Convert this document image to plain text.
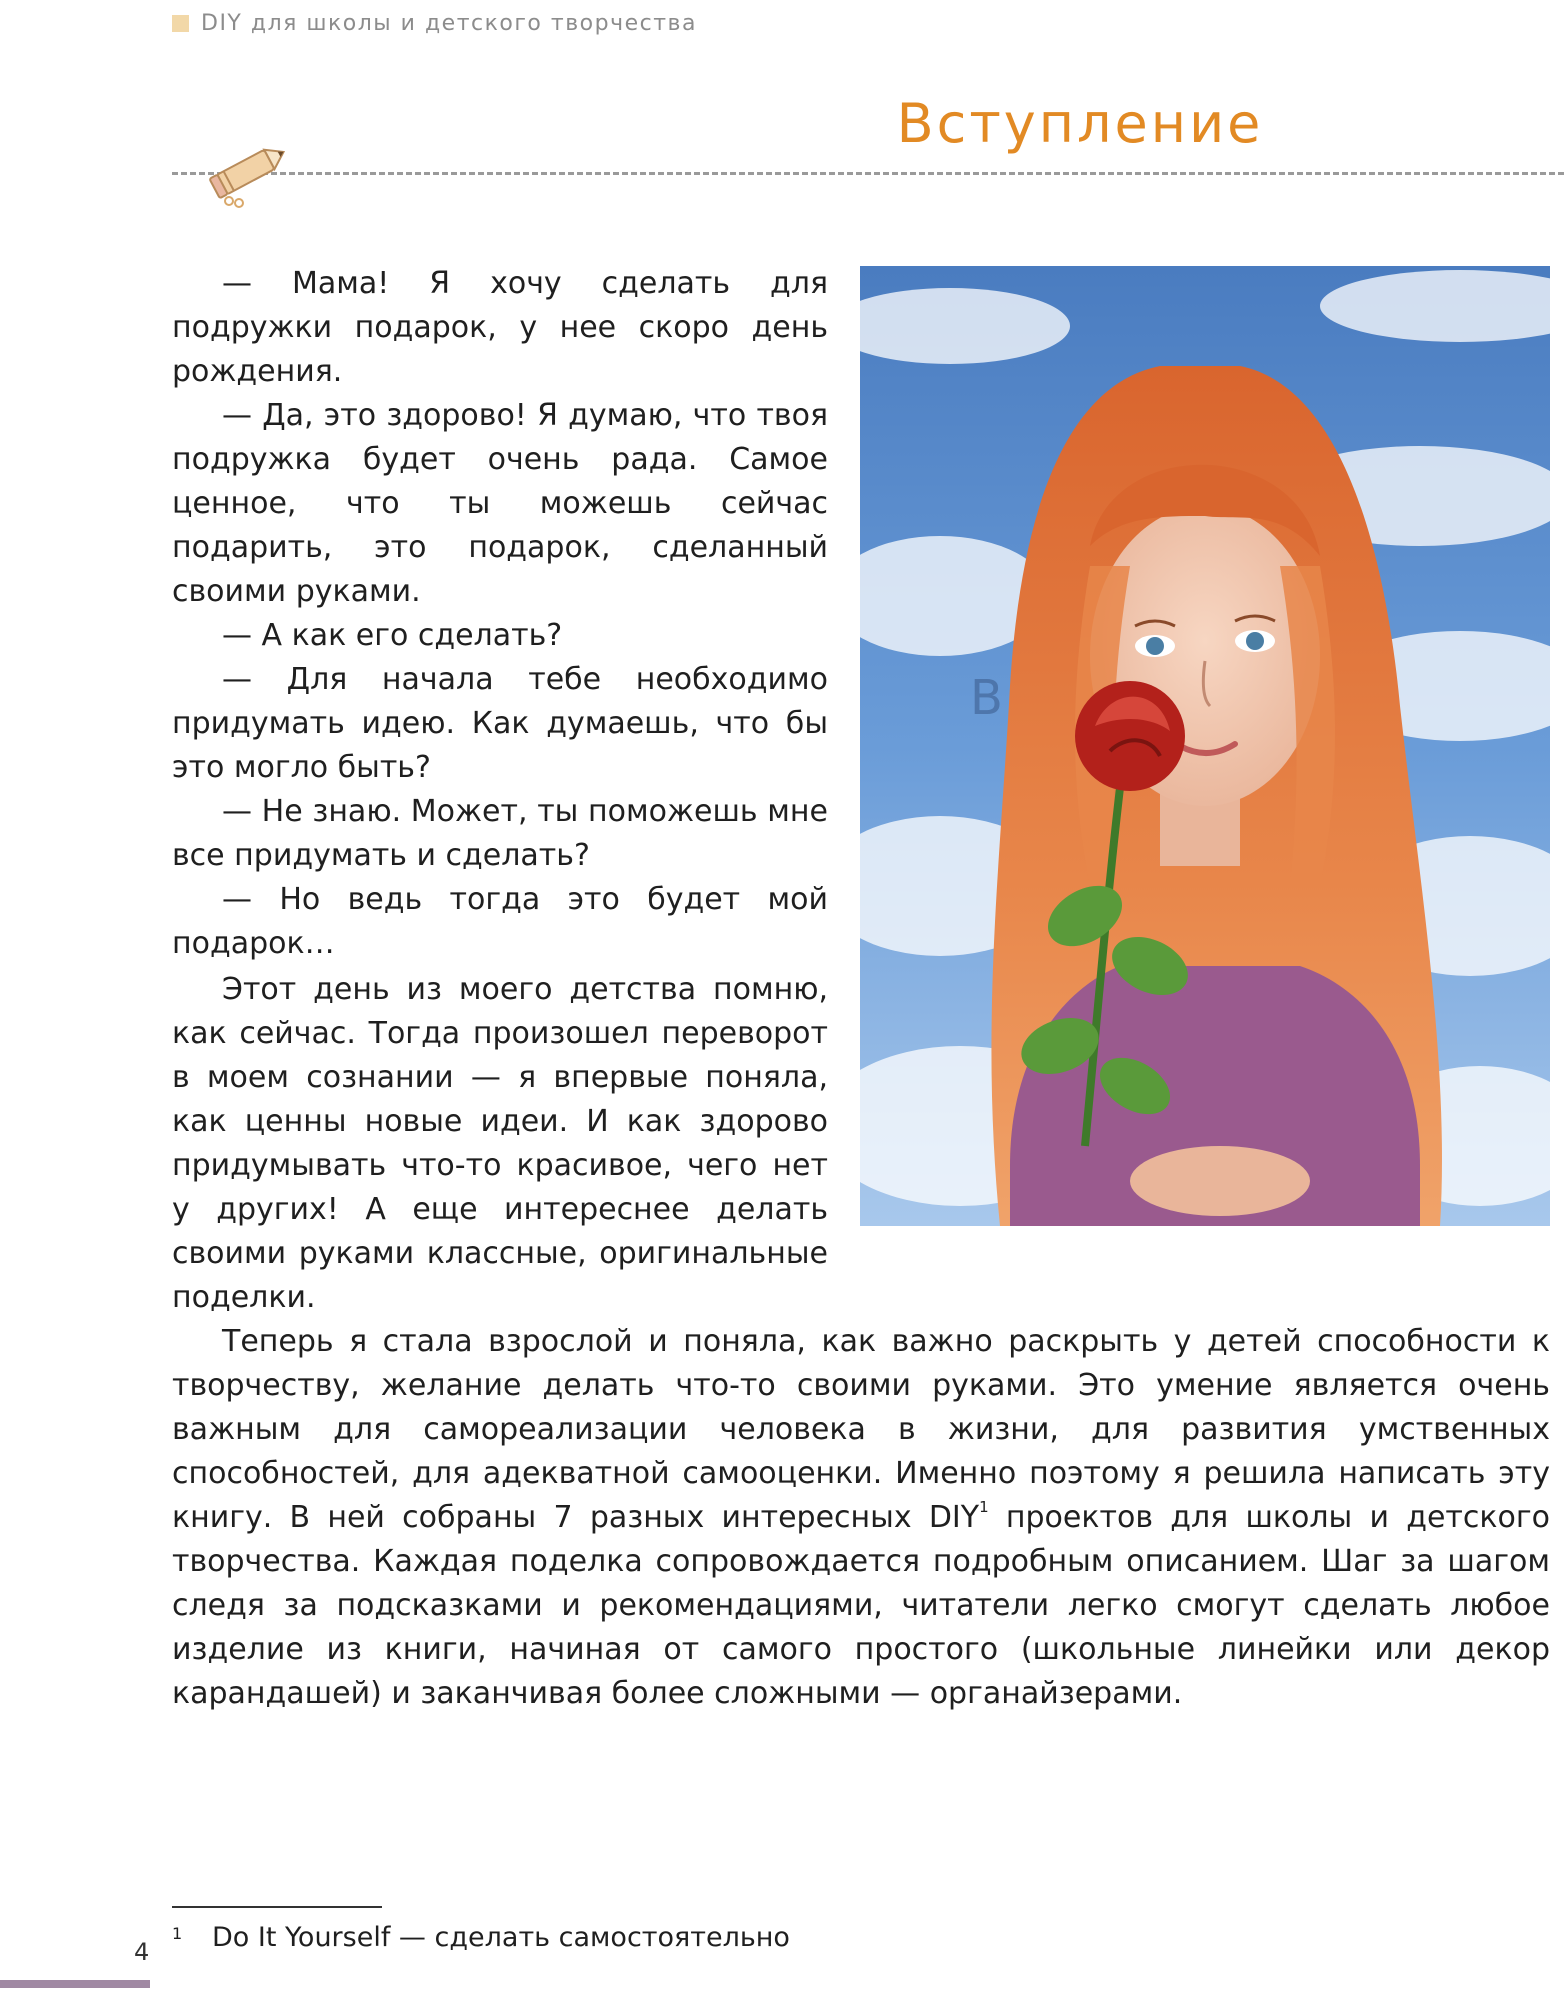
DIY для школы и детского творчества
Вступление

— Мама! Я хочу сделать для подружки подарок, у нее скоро день рождения.

— Да, это здорово! Я думаю, что твоя подружка будет очень рада. Самое ценное, что ты можешь сейчас подарить, это подарок, сделанный своими руками.

— А как его сделать?

— Для начала тебе необходимо придумать идею. Как думаешь, что бы это могло быть?

— Не знаю. Может, ты поможешь мне все придумать и сделать?

— Но ведь тогда это будет мой подарок…

Этот день из моего детства помню, как сейчас. Тогда произошел переворот в моем сознании — я впервые поняла, как ценны новые идеи. И как здорово придумывать что-то красивое, чего нет у других! А еще интереснее делать своими руками классные, оригинальные поделки.

Теперь я стала взрослой и поняла, как важно раскрыть у детей способности к творчеству, желание делать что-то своими руками. Это умение является очень важным для самореализации человека в жизни, для развития умственных способностей, для адекватной самооценки. Именно поэтому я решила написать эту книгу. В ней собраны 7 разных интересных DIY$^1$ проектов для школы и детского творчества. Каждая поделка сопровождается подробным описанием. Шаг за шагом следя за подсказками и рекомендациями, читатели легко смогут сделать любое изделие из книги, начиная от самого простого (школьные линейки или декор карандашей) и заканчивая более сложными — органайзерами.

B
1	Do It Yourself — сделать самостоятельно
4
